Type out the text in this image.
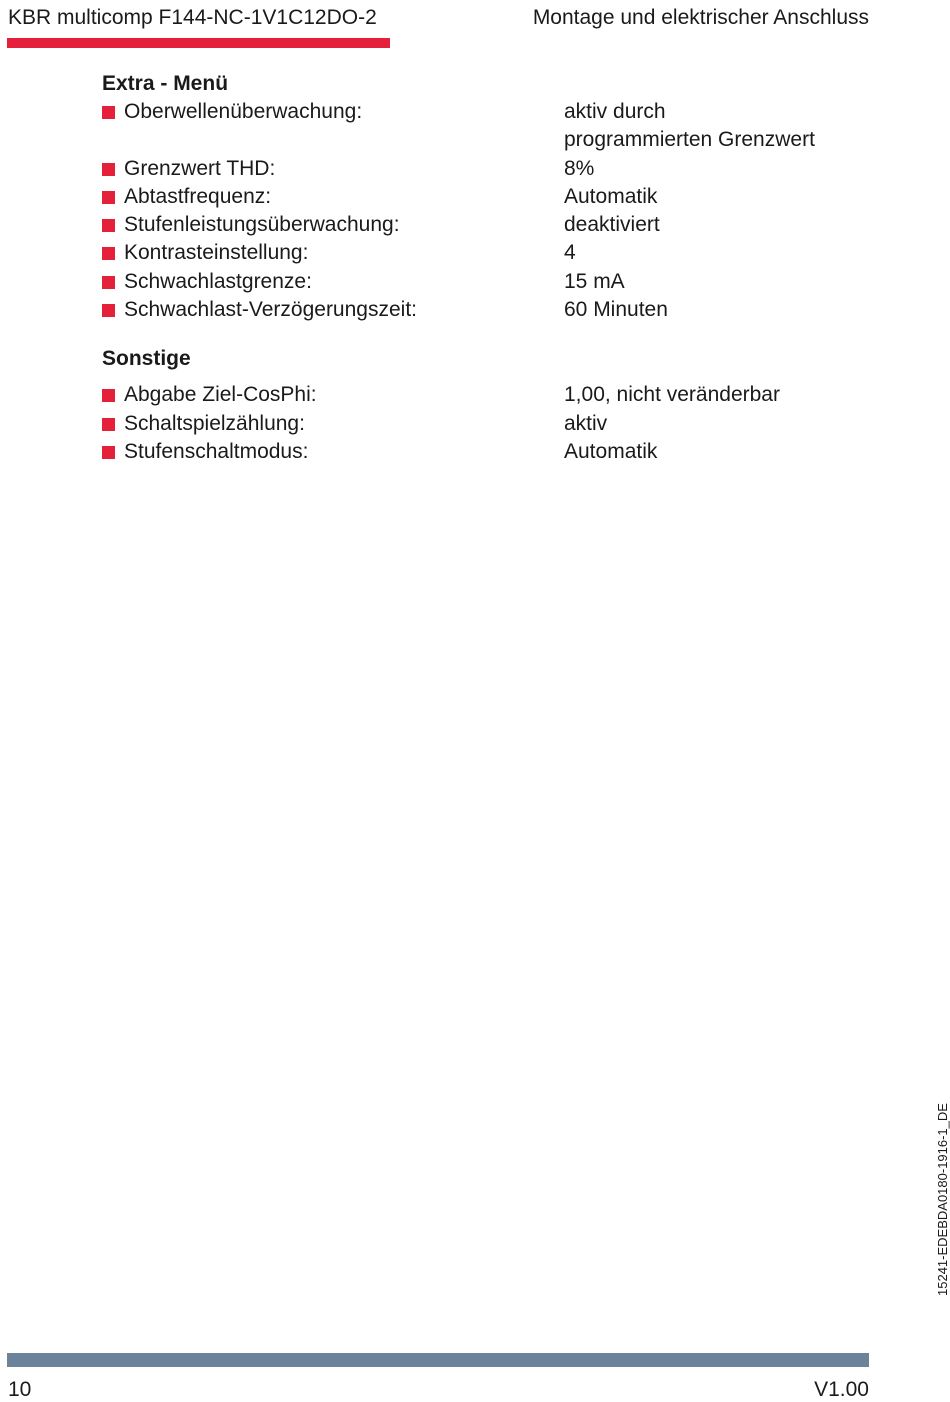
KBR multicomp F144-NC-1V1C12DO-2	Montage und elektrischer Anschluss
Extra - Menü
Oberwellenüberwachung:	aktiv durch
programmierten Grenzwert
Grenzwert THD:	8%
Abtastfrequenz:	Automatik
Stufenleistungsüberwachung:	deaktiviert
Kontrasteinstellung:	4
Schwachlastgrenze:	15 mA
Schwachlast-Verzögerungszeit:	60 Minuten
Sonstige
Abgabe Ziel-CosPhi:	1,00, nicht veränderbar
Schaltspielzählung:	aktiv
Stufenschaltmodus:	Automatik
15241-EDEBDA0180-1916-1_DE
10	V1.00
